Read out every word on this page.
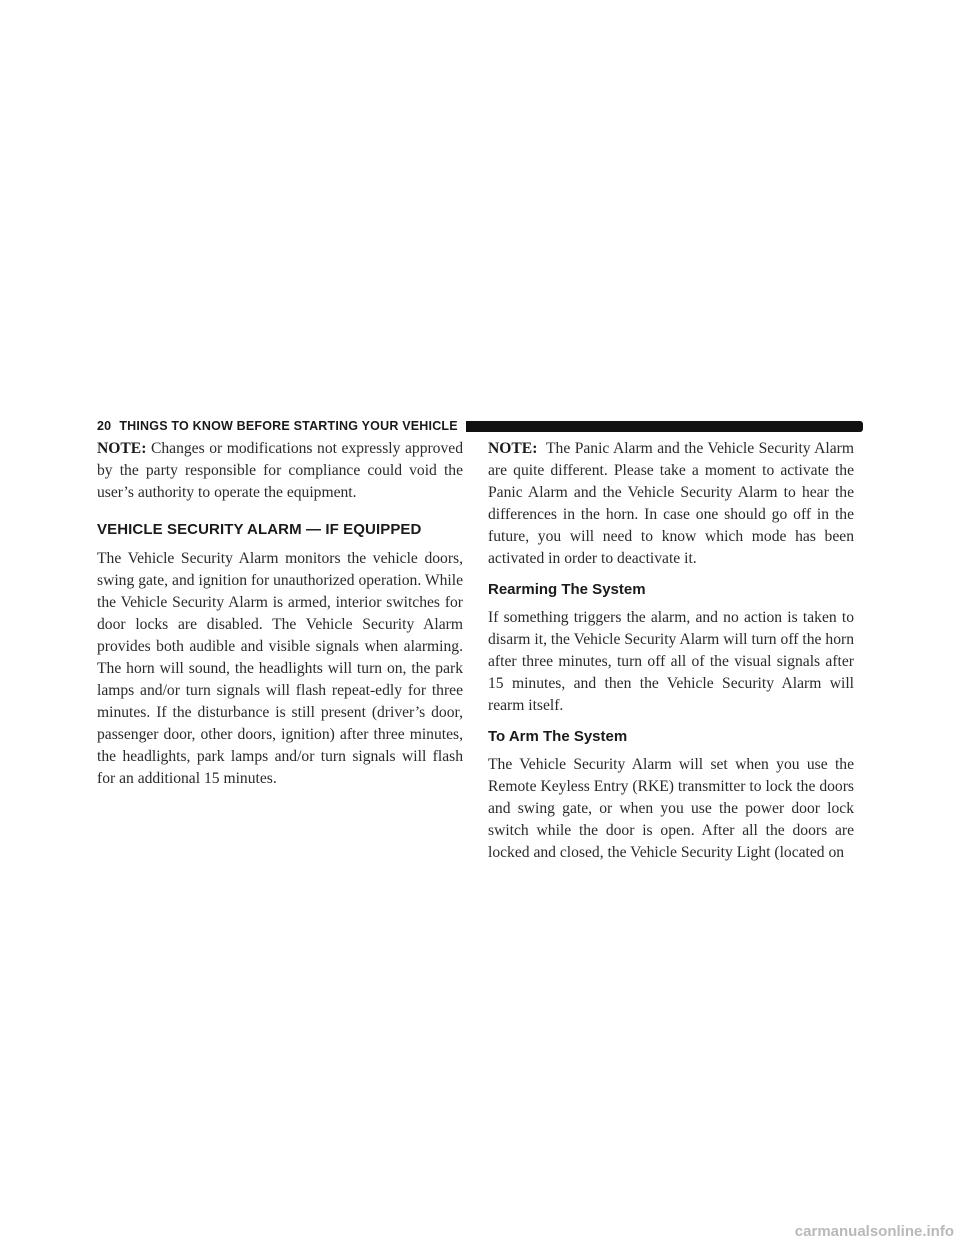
20 THINGS TO KNOW BEFORE STARTING YOUR VEHICLE

NOTE: Changes or modifications not expressly approved by the party responsible for compliance could void the user’s authority to operate the equipment.

VEHICLE SECURITY ALARM — IF EQUIPPED

The Vehicle Security Alarm monitors the vehicle doors, swing gate, and ignition for unauthorized operation. While the Vehicle Security Alarm is armed, interior switches for door locks are disabled. The Vehicle Security Alarm provides both audible and visible signals when alarming. The horn will sound, the headlights will turn on, the park lamps and/or turn signals will flash repeat-edly for three minutes. If the disturbance is still present (driver’s door, passenger door, other doors, ignition) after three minutes, the headlights, park lamps and/or turn signals will flash for an additional 15 minutes.

NOTE: The Panic Alarm and the Vehicle Security Alarm are quite different. Please take a moment to activate the Panic Alarm and the Vehicle Security Alarm to hear the differences in the horn. In case one should go off in the future, you will need to know which mode has been activated in order to deactivate it.

Rearming The System

If something triggers the alarm, and no action is taken to disarm it, the Vehicle Security Alarm will turn off the horn after three minutes, turn off all of the visual signals after 15 minutes, and then the Vehicle Security Alarm will rearm itself.

To Arm The System

The Vehicle Security Alarm will set when you use the Remote Keyless Entry (RKE) transmitter to lock the doors and swing gate, or when you use the power door lock switch while the door is open. After all the doors are locked and closed, the Vehicle Security Light (located on

carmanualsonline.info
